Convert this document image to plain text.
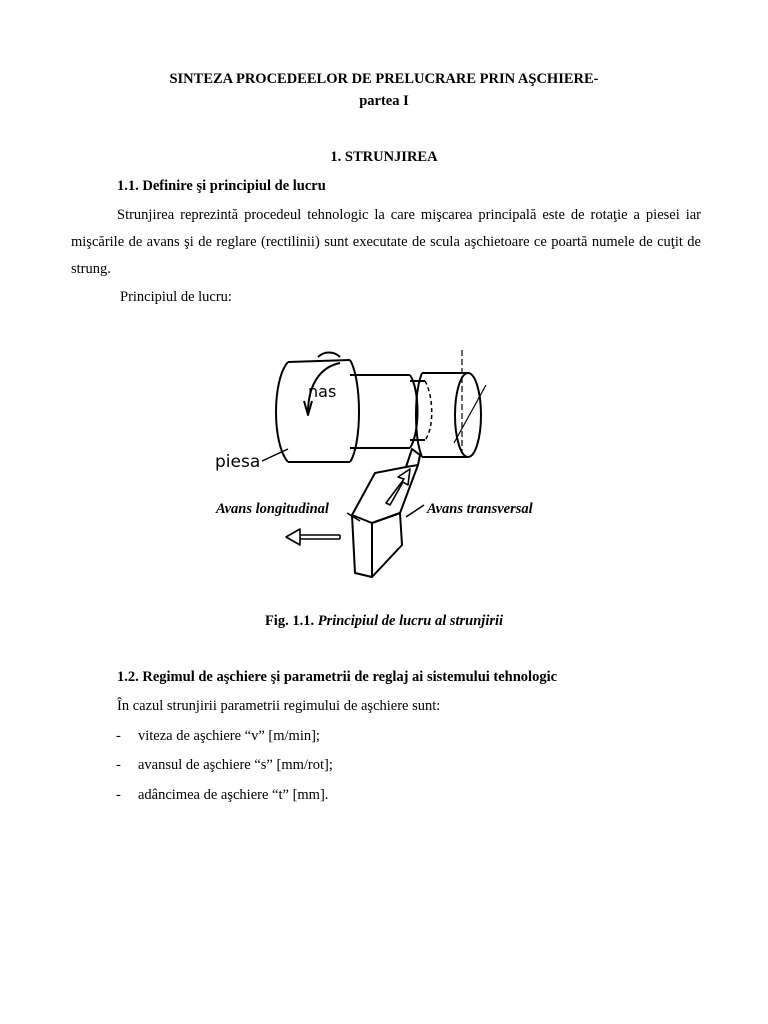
SINTEZA PROCEDEELOR DE PRELUCRARE PRIN AŞCHIERE-
partea I
1. STRUNJIREA
1.1. Definire şi principiul de lucru
Strunjirea reprezintă procedeul tehnologic la care mişcarea principală este de rotaţie a piesei iar mişcările de avans şi de reglare (rectilinii) sunt executate de scula aşchietoare ce poartă numele de cuţit de strung.
Principiul de lucru:
piesa
nas
Avans longitudinal	Avans transversal
Fig. 1.1. Principiul de lucru al strunjirii
1.2. Regimul de aşchiere şi parametrii de reglaj ai sistemului tehnologic
În cazul strunjirii parametrii regimului de aşchiere sunt:
- viteza de aşchiere “v” [m/min];
- avansul de aşchiere “s” [mm/rot];
- adâncimea de aşchiere “t” [mm].
